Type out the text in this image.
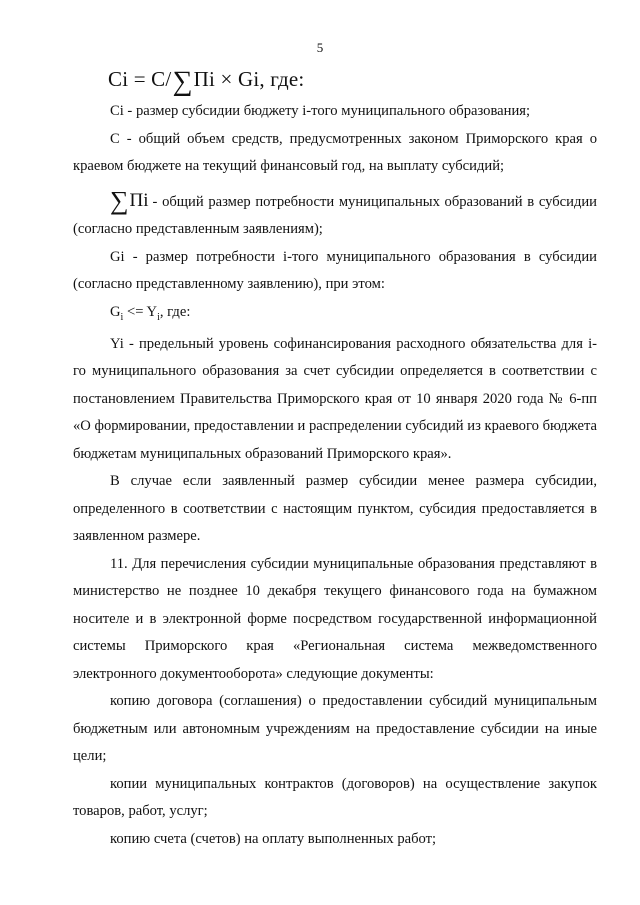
5
Ci = C/∑Пi × Gi, где:

Ci - размер субсидии бюджету i-того муниципального образования;

С - общий объем средств, предусмотренных законом Приморского края о краевом бюджете на текущий финансовый год, на выплату субсидий;

∑Пi - общий размер потребности муниципальных образований в субсидии (согласно представленным заявлениям);

Gi - размер потребности i-того муниципального образования в субсидии (согласно представленному заявлению), при этом:

$G_i <= Y_i$, где:

Yi - предельный уровень софинансирования расходного обязательства для i-го муниципального образования за счет субсидии определяется в соответствии с постановлением Правительства Приморского края от 10 января 2020 года № 6-пп «О формировании, предоставлении и распределении субсидий из краевого бюджета бюджетам муниципальных образований Приморского края».

В случае если заявленный размер субсидии менее размера субсидии, определенного в соответствии с настоящим пунктом, субсидия предоставляется в заявленном размере.

11. Для перечисления субсидии муниципальные образования представляют в министерство не позднее 10 декабря текущего финансового года на бумажном носителе и в электронной форме посредством государственной информационной системы Приморского края «Региональная система межведомственного электронного документооборота» следующие документы:

копию договора (соглашения) о предоставлении субсидий муниципальным бюджетным или автономным учреждениям на предоставление субсидии на иные цели;

копии муниципальных контрактов (договоров) на осуществление закупок товаров, работ, услуг;

копию счета (счетов) на оплату выполненных работ;
